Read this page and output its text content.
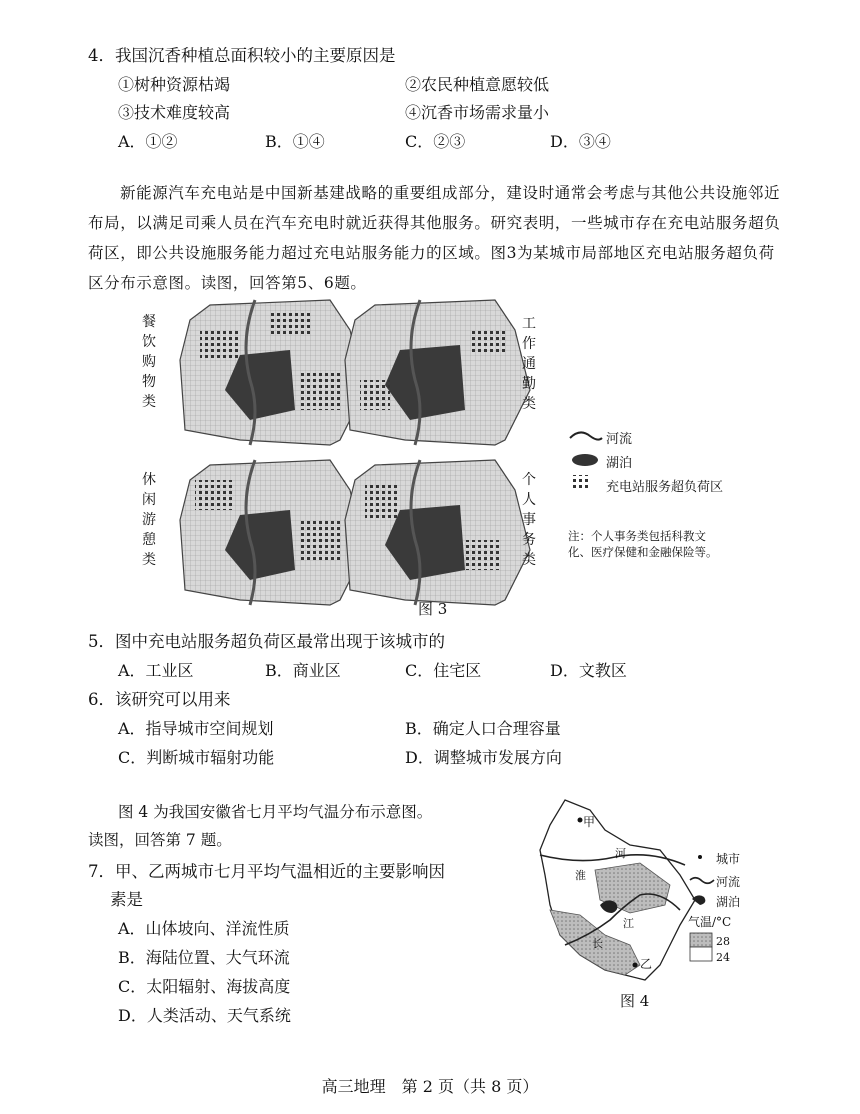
4．我国沉香种植总面积较小的主要原因是
①树种资源枯竭	②农民种植意愿较低
③技术难度较高	④沉香市场需求量小
A．①②	B．①④	C．②③	D．③④

新能源汽车充电站是中国新基建战略的重要组成部分，建设时通常会考虑与其他公共设施邻近布局，以满足司乘人员在汽车充电时就近获得其他服务。研究表明，一些城市存在充电站服务超负荷区，即公共设施服务能力超过充电站服务能力的区域。图3为某城市局部地区充电站服务超负荷区分布示意图。读图，回答第5、6题。

餐饮购物类
工作通勤类
休闲游憩类
个人事务类
河流
湖泊
充电站服务超负荷区
注：个人事务类包括科教文化、医疗保健和金融保险等。
图 3
5．图中充电站服务超负荷区最常出现于该城市的
A．工业区	B．商业区	C．住宅区	D．文教区
6．该研究可以用来
A．指导城市空间规划	B．确定人口合理容量
C．判断城市辐射功能	D．调整城市发展方向
图 4 为我国安徽省七月平均气温分布示意图。
读图，回答第 7 题。
7．甲、乙两城市七月平均气温相近的主要影响因
素是
A．山体坡向、洋流性质
B．海陆位置、大气环流
C．太阳辐射、海拔高度
D．人类活动、天气系统
甲
乙
淮
河
长
江
城市
河流
湖泊
气温/°C
28
24
图 4
高三地理　第 2 页（共 8 页）
